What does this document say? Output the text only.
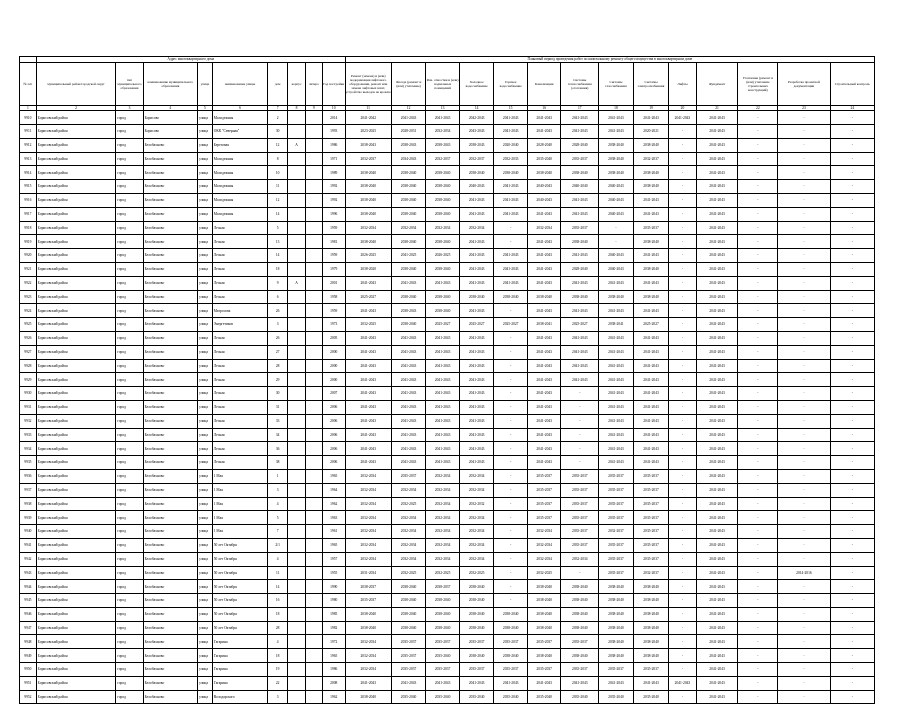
	Адрес многоквартирного дома									Плановый период проведения работ по капитальному ремонту общего имущества в многоквартирном доме													
№ п/п	муниципальный район/городской округ	тип муниципального образования	наименование муниципального образования	улица	наименование улицы	дом	корпус	литера	Год постройки	Ремонт (замена) и (или) модернизация лифтового оборудования, ремонт или замена лифтовых шахт, устройство выходов на кровлю	Фасада (ремонт и (или) утепление)	Рем. отмостки и (или) подвальных помещений	Холодное водоснабжение	Горячее водоснабжение	Канализация	Системы теплоснабжения (отопления)	Системы газоснабжения	Системы электроснабжения	Лифты	Фундамент	Утепление (ремонт и (или) утепление строительных конструкций)	Разработка проектной документации	Строительный контроль
1	2	3	4	5	6	7	8	9	10	11	12	13	14	15	16	17	18	19	20	21	22	23	24
9910	Борисовский район	город	Борисово	улица	Молодежная	2			2014	2041-2042	2041-2043	2041-2043	2042-2043	2041-2043	2041-2043	2041-2043	2041-2043	2041-2043	2041-2043	2041-2043	-	-	-
9911	Борисовский район	город	Борисово	улица	ОКК "Северная"	30			1993	2023-2025	2028-2031	2032-2034	2043-2043	2041-2043	2041-2043	2041-2043	2041-2043	2020-2021	-	2041-2043	-	-	-
9912	Борисовский район	город	Белобахново	улица	Березовая	12	А		1986	2038-2043	2038-2043	2038-2043	2038-2043	2020-2040	2028-2040	2028-2040	2038-2040	2038-2040	-	2041-2043	-	-	-
9913	Борисовский район	город	Белобахново	улица	Молодежная	8			1971	2032-2037	2034-2043	2032-2037	2032-2037	2032-2033	2035-2040	2035-2037	2038-2040	2032-2037	-	2041-2043	-	-	-
9914	Борисовский район	город	Белобахново	улица	Молодежная	10			1989	2038-2040	2038-2040	2038-2040	2038-2040	2038-2040	2038-2040	2038-2040	2038-2040	2038-2040	-	2041-2043	-	-	-
9915	Борисовский район	город	Белобахново	улица	Молодежная	11			1992	2038-2040	2038-2040	2038-2040	2040-2043	2041-2043	2040-2043	2040-2040	2040-2043	2038-2040	-	2041-2043	-	-	-
9916	Борисовский район	город	Белобахново	улица	Молодежная	12			1992	2038-2040	2038-2040	2038-2040	2041-2043	2041-2043	2040-2043	2041-2043	2040-2043	2041-2043	-	2041-2043	-	-	-
9917	Борисовский район	город	Белобахново	улица	Молодежная	14			1996	2038-2040	2038-2040	2038-2040	2041-2043	2041-2043	2041-2043	2041-2043	2040-2043	2041-2043	-	2041-2043	-	-	-
9918	Борисовский район	город	Белобахново	улица	Лесная	5			1959	2032-2034	2032-2034	2032-2034	2032-2034	-	2032-2034	2035-2037	-	2035-2037	-	2041-2043	-	-	-
9919	Борисовский район	город	Белобахново	улица	Лесная	13			1981	2038-2040	2038-2040	2038-2040	2041-2043	-	2041-2043	2038-2040	-	2038-2040	-	2041-2043	-	-	-
9920	Борисовский район	город	Белобахново	улица	Лесная	14			1959	2026-2025	2041-2025	2026-2025	2041-2043	2041-2043	2041-2043	2041-2043	2040-2043	2041-2043	-	2041-2043	-	-	-
9921	Борисовский район	город	Белобахново	улица	Лесная	18			1979	2038-2020	2038-2040	2038-2040	2041-2043	2041-2043	2041-2043	2028-2040	2040-2043	2038-2040	-	2041-2043	-	-	-
9922	Борисовский район	город	Белобахново	улица	Лесная	9	А		2001	2041-2043	2041-2043	2041-2043	2041-2043	2041-2043	2041-2043	2041-2043	2041-2043	2041-2043	-	2041-2043	-	-	-
9923	Борисовский район	город	Белобахново	улица	Лесная	6			1958	2025-2027	2038-2040	2038-2040	2038-2040	2038-2040	2038-2040	2038-2040	2038-2040	2038-2040	-	2041-2043	-	-	-
9924	Борисовский район	город	Белобахново	улица	Матросова	26			1959	2041-2043	2038-2043	2038-2040	2041-2043	-	2041-2043	2041-2043	2041-2043	2041-2043	-	2041-2043	-	-	-
9925	Борисовский район	город	Белобахново	улица	Энергетиков	3			1973	2032-2025	2038-2040	2025-2027	2025-2027	2025-2027	2038-2041	2025-2027	2038-2041	2025-2027	-	2041-2043	-	-	-
9926	Борисовский район	город	Белобахново	улица	Лесная	26			2005	2041-2043	2041-2043	2041-2043	2041-2043	-	2041-2043	2041-2043	2041-2043	2041-2043	-	2041-2043	-	-	-
9927	Борисовский район	город	Белобахново	улица	Лесная	27			2000	2041-2043	2041-2043	2041-2043	2041-2043	-	2041-2043	2041-2043	2041-2043	2041-2043	-	2041-2043	-	-	-
9928	Борисовский район	город	Белобахново	улица	Лесная	28			2000	2041-2043	2041-2043	2041-2043	2041-2043	-	2041-2043	2041-2043	2041-2043	2041-2043	-	2041-2043	-	-	-
9929	Борисовский район	город	Белобахново	улица	Лесная	29			2000	2041-2043	2041-2043	2041-2043	2041-2043	-	2041-2043	2041-2043	2041-2043	2041-2043	-	2041-2043	-	-	-
9930	Борисовский район	город	Белобахново	улица	Лесная	30			2007	2041-2043	2041-2043	2041-2043	2041-2043	-	2041-2043	-	2041-2043	2041-2043	-	2041-2043	-	-	-
9931	Борисовский район	город	Белобахново	улица	Лесная	31			2006	2041-2043	2041-2043	2041-2043	2041-2043	-	2041-2043	-	2041-2043	2041-2043	-	2041-2043	-	-	-
9932	Борисовский район	город	Белобахново	улица	Лесная	33			2006	2041-2043	2041-2043	2041-2043	2041-2043	-	2041-2043	-	2041-2043	2041-2043	-	2041-2043	-	-	-
9933	Борисовский район	город	Белобахново	улица	Лесная	34			2006	2041-2043	2041-2043	2041-2043	2041-2043	-	2041-2043	-	2041-2043	2041-2043	-	2041-2043	-	-	-
9934	Борисовский район	город	Белобахново	улица	Лесная	36			2006	2041-2043	2041-2043	2041-2043	2041-2043	-	2041-2043	-	2041-2043	2041-2043	-	2041-2043	-	-	-
9935	Борисовский район	город	Белобахново	улица	Лесная	38			2006	2041-2043	2041-2043	2041-2043	2041-2043	-	2041-2043	-	2041-2043	2041-2043	-	2041-2043	-	-	-
9936	Борисовский район	город	Белобахново	улица	1 Мая	1			1965	2032-2034	2035-2037	2032-2034	2032-2034	-	2035-2037	2035-2037	2035-2037	2035-2037	-	2041-2043	-	-	-
9937	Борисовский район	город	Белобахново	улица	1 Мая	3			1964	2032-2034	2032-2034	2032-2034	2032-2034	-	2035-2037	2035-2037	2035-2037	2035-2037	-	2041-2043	-	-	-
9938	Борисовский район	город	Белобахново	улица	1 Мая	4			1962	2032-2034	2032-2025	2032-2034	2032-2032	-	2035-2037	2035-2037	2035-2037	2035-2037	-	2041-2043	-	-	-
9939	Борисовский район	город	Белобахново	улица	1 Мая	5			1963	2032-2034	2032-2034	2032-2034	2032-2034	-	2035-2037	2035-2037	2035-2037	2035-2037	-	2041-2043	-	-	-
9940	Борисовский район	город	Белобахново	улица	1 Мая	7			1961	2032-2034	2032-2034	2032-2034	2032-2034	-	2032-2034	2035-2037	2032-2037	2035-2037	-	2041-2043	-	-	-
9941	Борисовский район	город	Белобахново	улица	50 лет Октября	2/1			1965	2032-2034	2032-2034	2032-2034	2032-2034	-	2032-2034	2035-2037	2035-2037	2035-2037	-	2041-2043	-	-	-
9942	Борисовский район	город	Белобахново	улица	50 лет Октября	4			1957	2032-2034	2032-2034	2032-2034	2032-2034	-	2032-2034	2032-2034	2035-2037	2035-2037	-	2041-2043	-	-	-
9943	Борисовский район	город	Белобахново	улица	50 лет Октября	11			1955	2031-2034	2032-2025	2032-2025	2032-2025	-	2032-2025	-	2035-2037	2032-2037	-	2041-2043	-	2014-2016	-
9944	Борисовский район	город	Белобахново	улица	50 лет Октября	14			1990	2038-2037	2038-2040	2038-2037	2038-2040	-	2038-2040	2038-2040	2038-2040	2038-2040	-	2041-2043	-	-	-
9945	Борисовский район	город	Белобахново	улица	50 лет Октября	16			1980	2035-2037	2038-2040	2038-2040	2038-2040	-	2038-2040	2038-2040	2038-2040	2038-2040	-	2041-2043	-	-	-
9946	Борисовский район	город	Белобахново	улица	50 лет Октября	18			1985	2038-2040	2038-2040	2038-2040	2038-2040	2038-2040	2038-2040	2038-2040	2038-2040	2038-2040	-	2041-2043	-	-	-
9947	Борисовский район	город	Белобахново	улица	50 лет Октября	28			1982	2038-2040	2038-2040	2038-2040	2038-2040	2038-2040	2038-2040	2038-2040	2038-2040	2038-2040	-	2041-2043	-	-	-
9948	Борисовский район	город	Белобахново	улица	Гагарина	4			1972	2032-2034	2035-2037	2035-2037	2035-2037	2035-2037	2035-2037	2035-2037	2038-2040	2038-2040	-	2041-2043	-	-	-
9949	Борисовский район	город	Белобахново	улица	Гагарина	18			1965	2032-2034	2035-2037	2035-2040	2038-2040	2038-2040	2038-2040	2038-2040	2038-2040	2038-2040	-	2041-2043	-	-	-
9950	Борисовский район	город	Белобахново	улица	Гагарина	19			1986	2032-2034	2035-2037	2035-2037	2035-2037	2035-2037	2035-2037	2035-2037	2035-2037	2035-2037	-	2041-2043	-	-	-
9951	Борисовский район	город	Белобахново	улица	Гагарина	22			2008	2041-2043	2041-2043	2041-2043	2041-2043	2041-2043	2041-2043	2041-2043	2041-2043	2041-2043	2041-2043	2041-2043	-	-	-
9952	Борисовский район	город	Белобахново	улица	Володарского	3			1962	2038-2040	2035-2040	2035-2040	2035-2040	2035-2040	2035-2040	2035-2040	2035-2040	2035-2040	-	2041-2043	-	-	-
